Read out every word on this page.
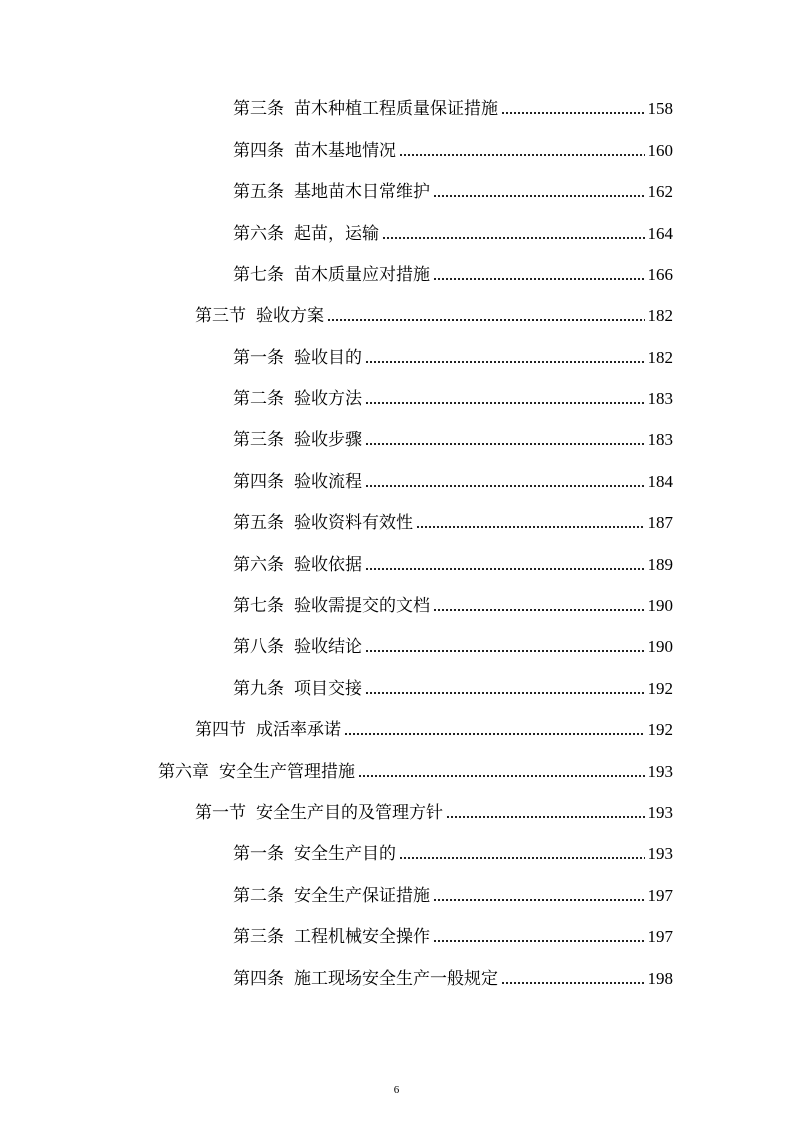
第三条 苗木种植工程质量保证措施	158
第四条 苗木基地情况	160
第五条 基地苗木日常维护	162
第六条 起苗，运输	164
第七条 苗木质量应对措施	166
第三节 验收方案	182
第一条 验收目的	182
第二条 验收方法	183
第三条 验收步骤	183
第四条 验收流程	184
第五条 验收资料有效性	187
第六条 验收依据	189
第七条 验收需提交的文档	190
第八条 验收结论	190
第九条 项目交接	192
第四节 成活率承诺	192
第六章 安全生产管理措施	193
第一节 安全生产目的及管理方针	193
第一条 安全生产目的	193
第二条 安全生产保证措施	197
第三条 工程机械安全操作	197
第四条 施工现场安全生产一般规定	198
6
